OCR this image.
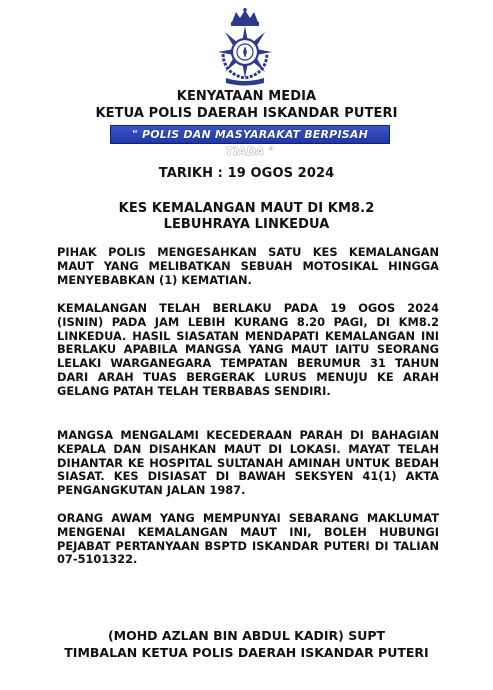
KENYATAAN MEDIA
KETUA POLIS DAERAH ISKANDAR PUTERI
" POLIS DAN MASYARAKAT BERPISAH TIADA "
TARIKH : 19 OGOS 2024
KES KEMALANGAN MAUT DI KM8.2
LEBUHRAYA LINKEDUA

PIHAK POLIS MENGESAHKAN SATU KES KEMALANGAN MAUT YANG MELIBATKAN SEBUAH MOTOSIKAL HINGGA MENYEBABKAN (1) KEMATIAN.

KEMALANGAN TELAH BERLAKU PADA 19 OGOS 2024 (ISNIN) PADA JAM LEBIH KURANG 8.20 PAGI, DI KM8.2 LINKEDUA. HASIL SIASATAN MENDAPATI KEMALANGAN INI BERLAKU APABILA MANGSA YANG MAUT IAITU SEORANG LELAKI WARGANEGARA TEMPATAN BERUMUR 31 TAHUN DARI ARAH TUAS BERGERAK LURUS MENUJU KE ARAH GELANG PATAH TELAH TERBABAS SENDIRI.

MANGSA MENGALAMI KECEDERAAN PARAH DI BAHAGIAN KEPALA DAN DISAHKAN MAUT DI LOKASI. MAYAT TELAH DIHANTAR KE HOSPITAL SULTANAH AMINAH UNTUK BEDAH SIASAT. KES DISIASAT DI BAWAH SEKSYEN 41(1) AKTA PENGANGKUTAN JALAN 1987.

ORANG AWAM YANG MEMPUNYAI SEBARANG MAKLUMAT MENGENAI KEMALANGAN MAUT INI, BOLEH HUBUNGI PEJABAT PERTANYAAN BSPTD ISKANDAR PUTERI DI TALIAN 07-5101322.

(MOHD AZLAN BIN ABDUL KADIR) SUPT
TIMBALAN KETUA POLIS DAERAH ISKANDAR PUTERI
